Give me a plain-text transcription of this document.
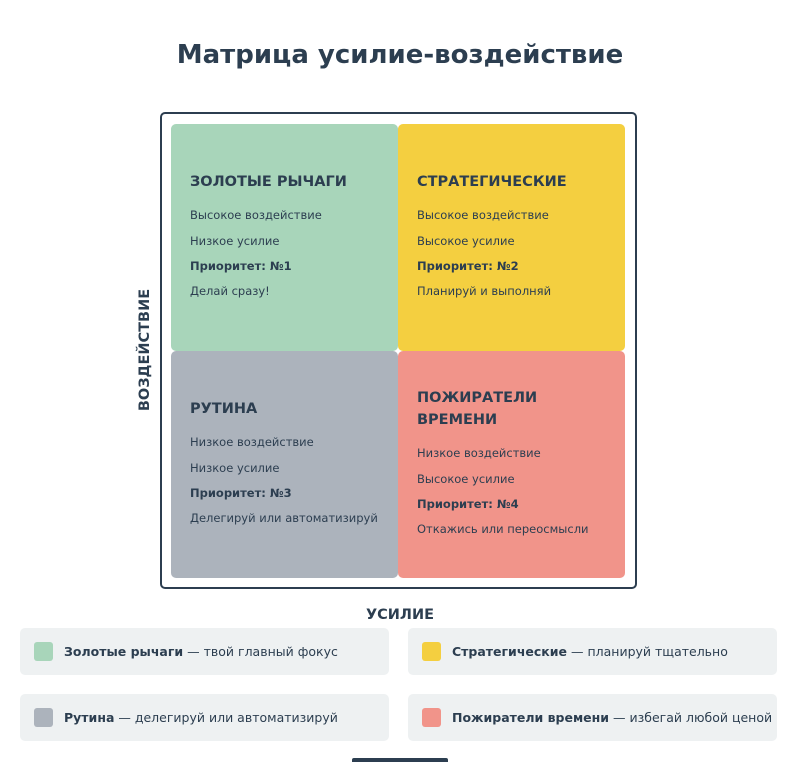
Матрица усилие-воздействие
ЗОЛОТЫЕ РЫЧАГИ
Высокое воздействие
Низкое усилие
Приоритет: №1
Делай сразу!
СТРАТЕГИЧЕСКИЕ
Высокое воздействие
Высокое усилие
Приоритет: №2
Планируй и выполняй
РУТИНА
Низкое воздействие
Низкое усилие
Приоритет: №3
Делегируй или автоматизируй
ПОЖИРАТЕЛИ ВРЕМЕНИ
Низкое воздействие
Высокое усилие
Приоритет: №4
Откажись или переосмысли
ВОЗДЕЙСТВИЕ
УСИЛИЕ
Золотые рычаги — твой главный фокус	Стратегические — планируй тщательно
Рутина — делегируй или автоматизируй	Пожиратели времени — избегай любой ценой
